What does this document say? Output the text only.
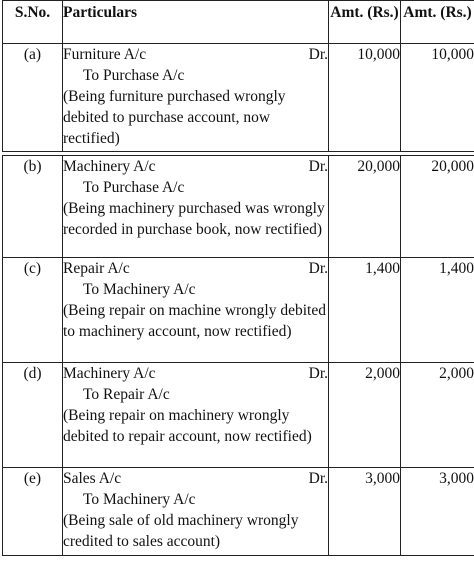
S.No.	Particulars	Amt. (Rs.)	Amt. (Rs.)

(a)	Furniture A/c Dr.
To Purchase A/c
(Being furniture purchased wrongly debited to purchase account, now rectified)	10,000	10,000
(b)	Machinery A/c Dr.
To Purchase A/c
(Being machinery purchased was wrongly recorded in purchase book, now rectified)	20,000	20,000
(c)	Repair A/c Dr.
To Machinery A/c
(Being repair on machine wrongly debited to machinery account, now rectified)	1,400	1,400
(d)	Machinery A/c Dr.
To Repair A/c
(Being repair on machinery wrongly debited to repair account, now rectified)	2,000	2,000
(e)	Sales A/c Dr.
To Machinery A/c
(Being sale of old machinery wrongly credited to sales account)	3,000	3,000
